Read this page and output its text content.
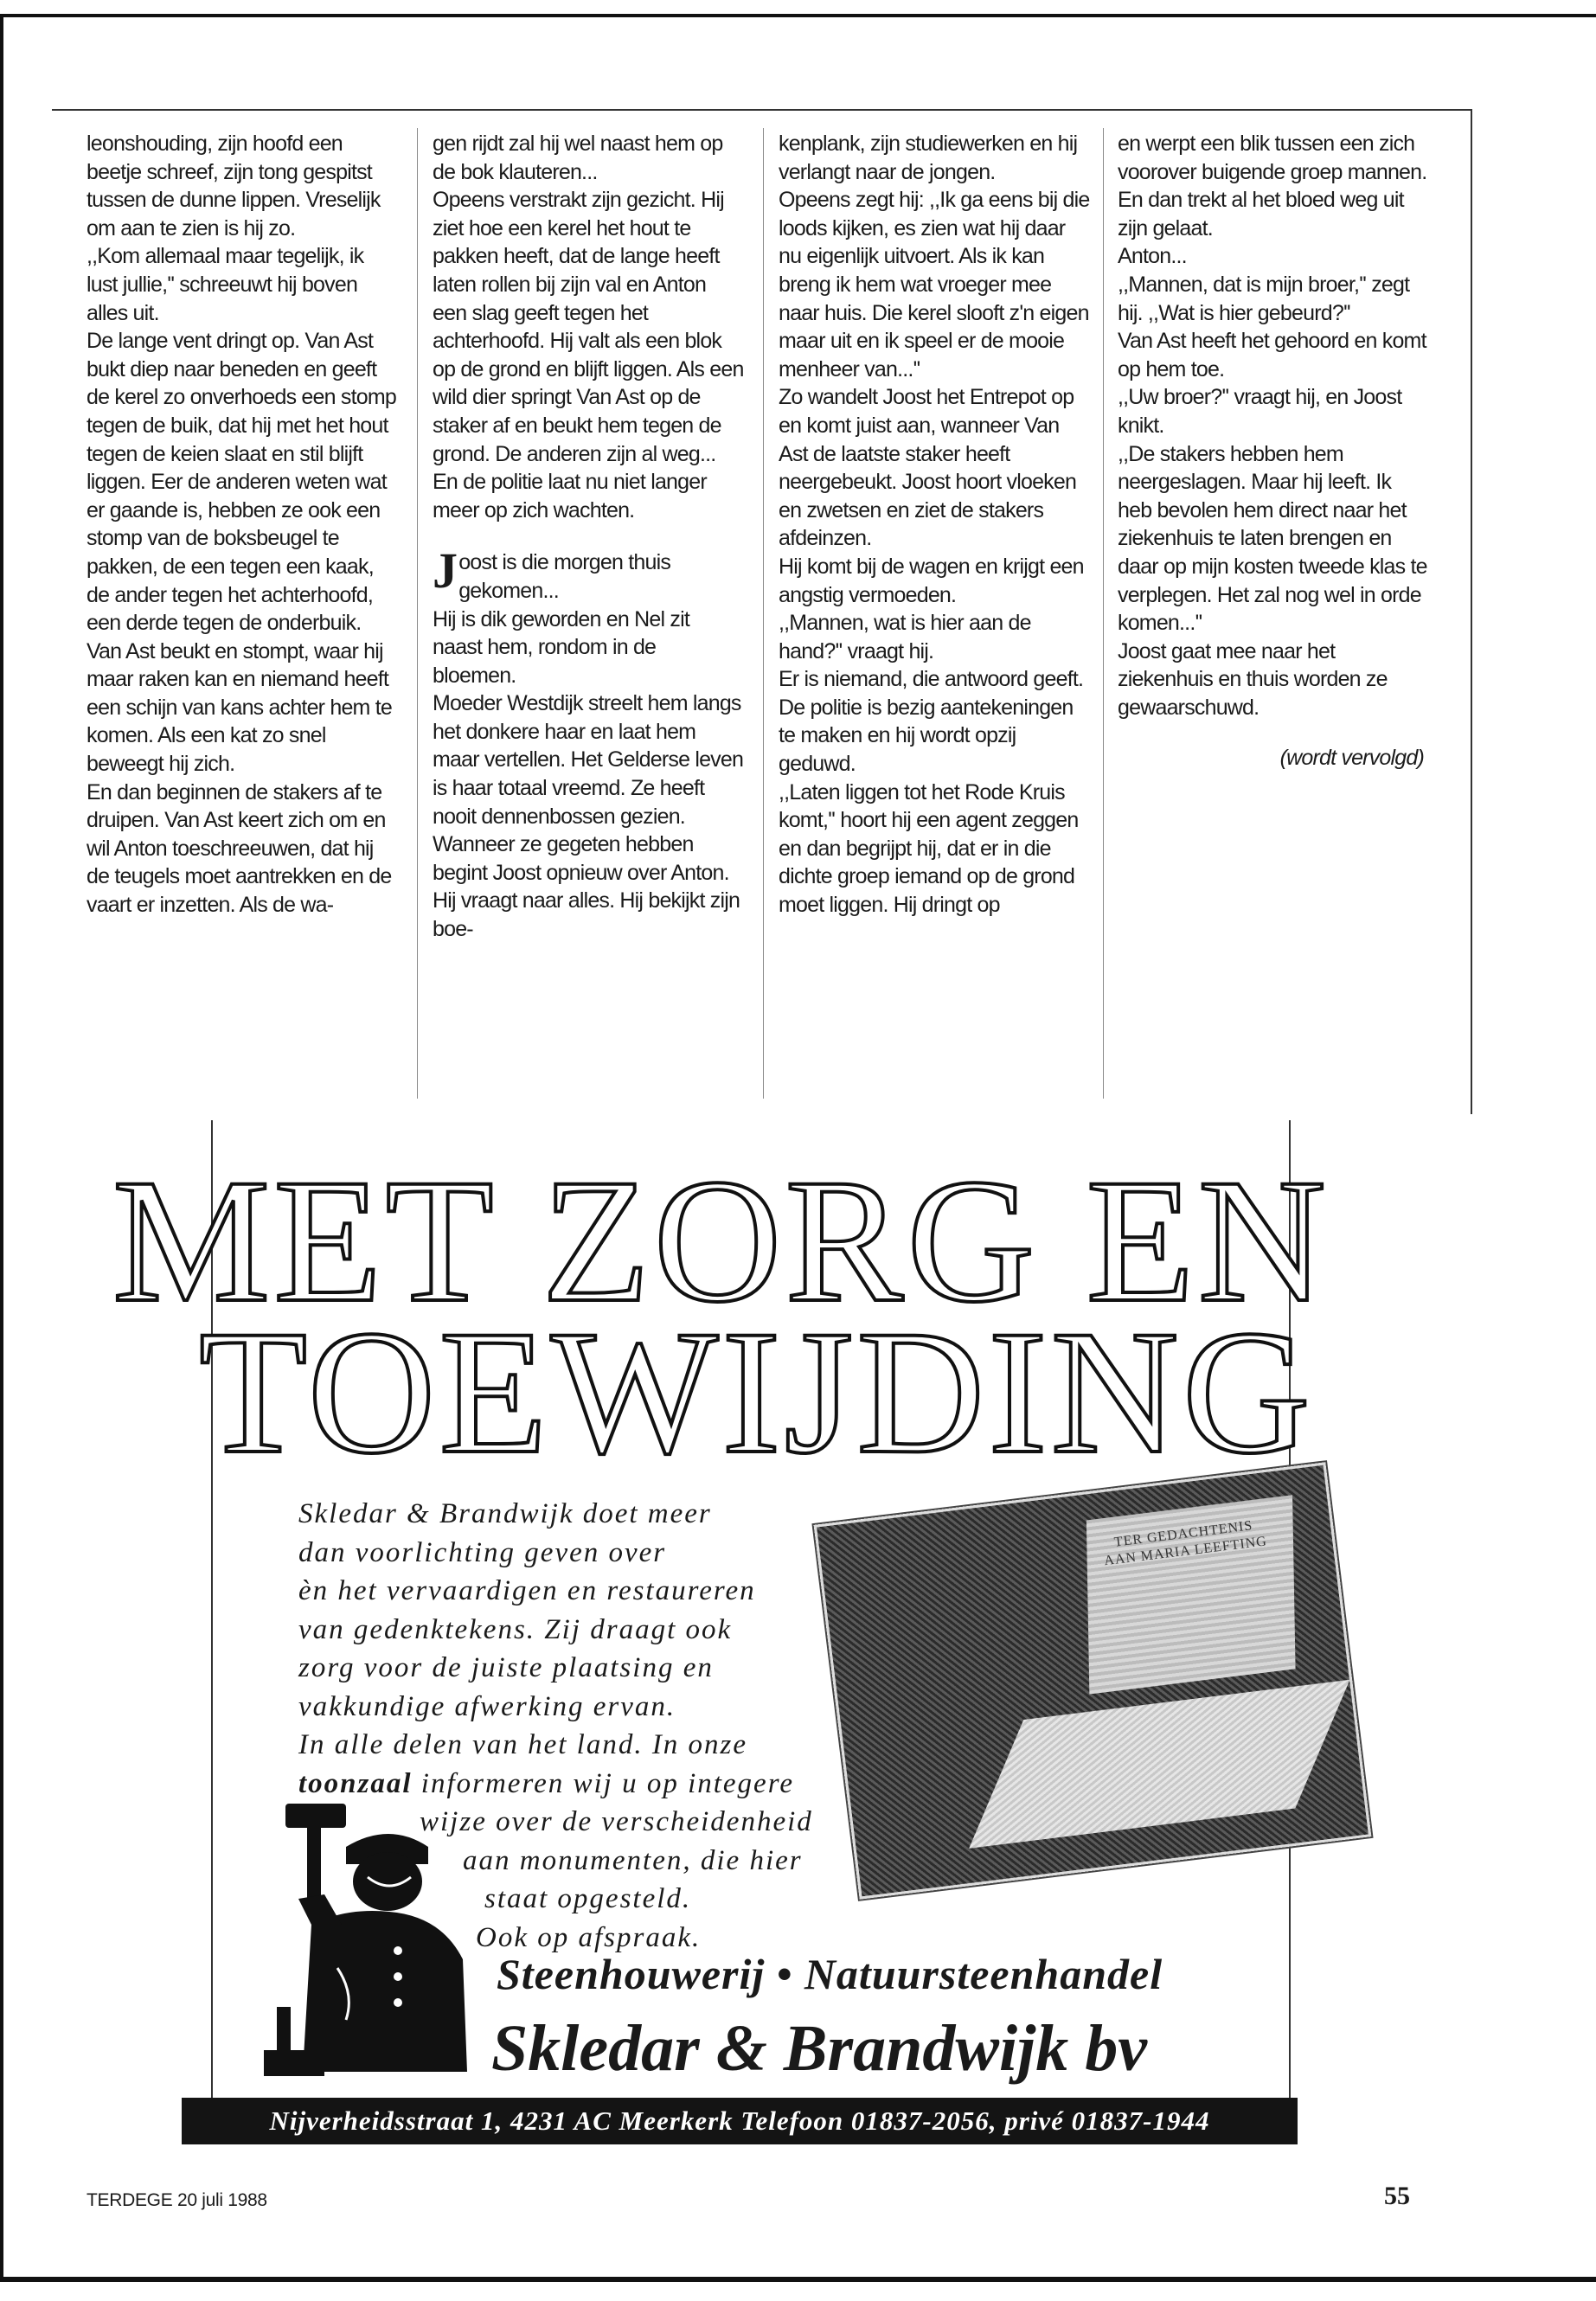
leonshouding, zijn hoofd een beetje schreef, zijn tong gespitst tussen de dunne lippen. Vreselijk om aan te zien is hij zo.

,,Kom allemaal maar tegelijk, ik lust jullie,'' schreeuwt hij boven alles uit.

De lange vent dringt op. Van Ast bukt diep naar beneden en geeft de kerel zo onverhoeds een stomp tegen de buik, dat hij met het hout tegen de keien slaat en stil blijft liggen. Eer de anderen weten wat er gaande is, hebben ze ook een stomp van de boksbeugel te pakken, de een tegen een kaak, de ander tegen het achterhoofd, een derde tegen de onderbuik. Van Ast beukt en stompt, waar hij maar raken kan en niemand heeft een schijn van kans achter hem te komen. Als een kat zo snel beweegt hij zich.

En dan beginnen de stakers af te druipen. Van Ast keert zich om en wil Anton toeschreeuwen, dat hij de teugels moet aantrekken en de vaart er inzetten. Als de wa-

gen rijdt zal hij wel naast hem op de bok klauteren...

Opeens verstrakt zijn gezicht. Hij ziet hoe een kerel het hout te pakken heeft, dat de lange heeft laten rollen bij zijn val en Anton een slag geeft tegen het achterhoofd. Hij valt als een blok op de grond en blijft liggen. Als een wild dier springt Van Ast op de staker af en beukt hem tegen de grond. De anderen zijn al weg... En de politie laat nu niet langer meer op zich wachten.

Joost is die morgen thuis gekomen...

Hij is dik geworden en Nel zit naast hem, rondom in de bloemen.

Moeder Westdijk streelt hem langs het donkere haar en laat hem maar vertellen. Het Gelderse leven is haar totaal vreemd. Ze heeft nooit dennenbossen gezien.

Wanneer ze gegeten hebben begint Joost opnieuw over Anton. Hij vraagt naar alles. Hij bekijkt zijn boe-

kenplank, zijn studiewerken en hij verlangt naar de jongen.

Opeens zegt hij: ,,Ik ga eens bij die loods kijken, es zien wat hij daar nu eigenlijk uitvoert. Als ik kan breng ik hem wat vroeger mee naar huis. Die kerel slooft z'n eigen maar uit en ik speel er de mooie menheer van...''

Zo wandelt Joost het Entrepot op en komt juist aan, wanneer Van Ast de laatste staker heeft neergebeukt. Joost hoort vloeken en zwetsen en ziet de stakers afdeinzen.

Hij komt bij de wagen en krijgt een angstig vermoeden.

,,Mannen, wat is hier aan de hand?'' vraagt hij.

Er is niemand, die antwoord geeft.

De politie is bezig aantekeningen te maken en hij wordt opzij geduwd.

,,Laten liggen tot het Rode Kruis komt,'' hoort hij een agent zeggen en dan begrijpt hij, dat er in die dichte groep iemand op de grond moet liggen. Hij dringt op

en werpt een blik tussen een zich voorover buigende groep mannen. En dan trekt al het bloed weg uit zijn gelaat.

Anton...

,,Mannen, dat is mijn broer,'' zegt hij. ,,Wat is hier gebeurd?''

Van Ast heeft het gehoord en komt op hem toe.

,,Uw broer?'' vraagt hij, en Joost knikt.

,,De stakers hebben hem neergeslagen. Maar hij leeft. Ik heb bevolen hem direct naar het ziekenhuis te laten brengen en daar op mijn kosten tweede klas te verplegen. Het zal nog wel in orde komen...''

Joost gaat mee naar het ziekenhuis en thuis worden ze gewaarschuwd.

(wordt vervolgd)
MET ZORG EN
TOEWIJDING
TER GEDACHTENIS AAN MARIA LEEFTING
Skledar & Brandwijk doet meer
dan voorlichting geven over
èn het vervaardigen en restaureren
van gedenktekens. Zij draagt ook
zorg voor de juiste plaatsing en
vakkundige afwerking ervan.
In alle delen van het land. In onze
toonzaal informeren wij u op integere
wijze over de verscheidenheid
aan monumenten, die hier
staat opgesteld.
Ook op afspraak.
Steenhouwerij • Natuursteenhandel
Skledar & Brandwijk bv
Nijverheidsstraat 1, 4231 AC Meerkerk Telefoon 01837-2056, privé 01837-1944
TERDEGE 20 juli 1988	55
